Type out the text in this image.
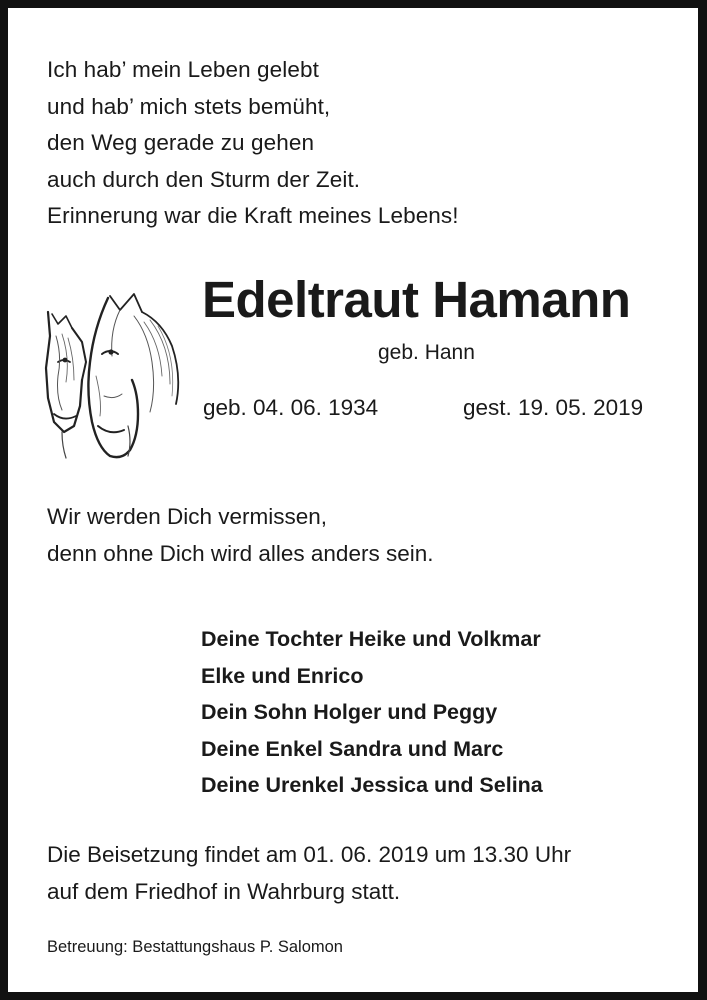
Ich hab’ mein Leben gelebt
und hab’ mich stets bemüht,
den Weg gerade zu gehen
auch durch den Sturm der Zeit.
Erinnerung war die Kraft meines Lebens!
Edeltraut Hamann
geb. Hann
geb. 04. 06. 1934	gest. 19. 05. 2019
Wir werden Dich vermissen,
denn ohne Dich wird alles anders sein.
Deine Tochter Heike und Volkmar
Elke und Enrico
Dein Sohn Holger und Peggy
Deine Enkel Sandra und Marc
Deine Urenkel Jessica und Selina
Die Beisetzung findet am 01. 06. 2019 um 13.30 Uhr
auf dem Friedhof in Wahrburg statt.
Betreuung: Bestattungshaus P. Salomon
